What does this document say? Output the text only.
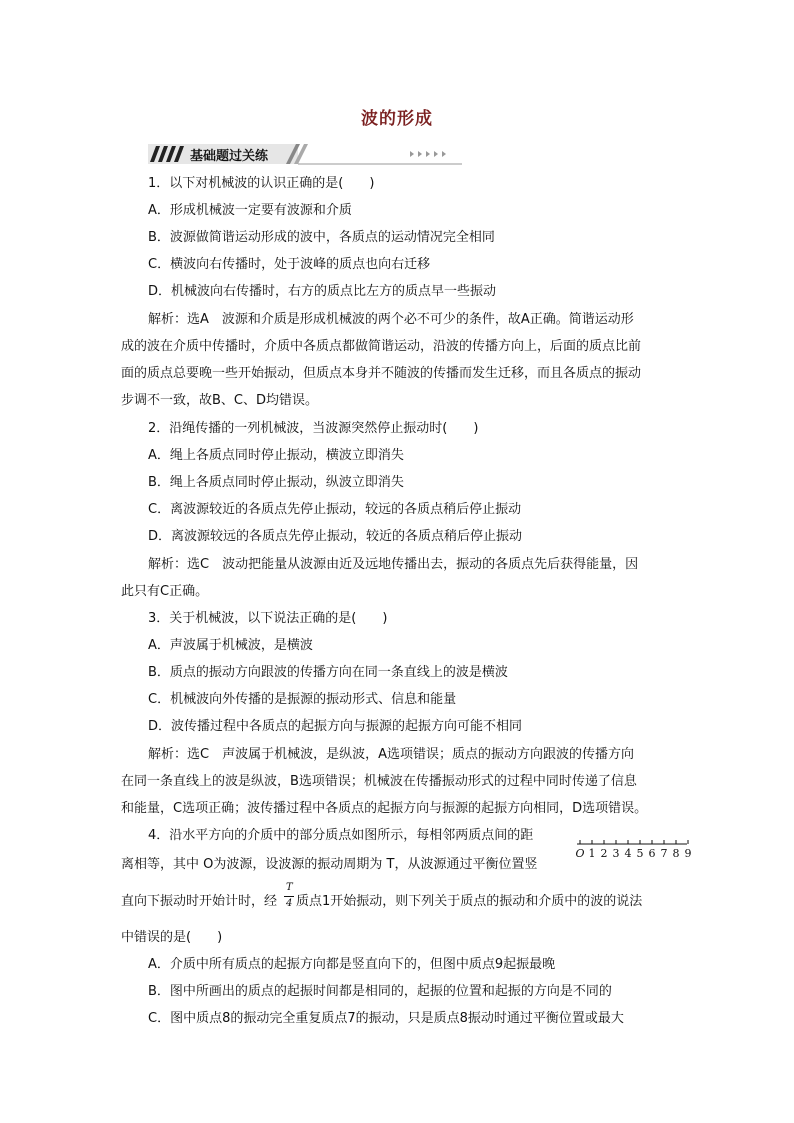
波的形成
基础题过关练
1．以下对机械波的认识正确的是(　　)
A．形成机械波一定要有波源和介质
B．波源做简谐运动形成的波中，各质点的运动情况完全相同
C．横波向右传播时，处于波峰的质点也向右迁移
D．机械波向右传播时，右方的质点比左方的质点早一些振动
解析：选A　波源和介质是形成机械波的两个必不可少的条件，故A正确。简谐运动形
成的波在介质中传播时，介质中各质点都做简谐运动，沿波的传播方向上，后面的质点比前
面的质点总要晚一些开始振动，但质点本身并不随波的传播而发生迁移，而且各质点的振动
步调不一致，故B、C、D均错误。
2．沿绳传播的一列机械波，当波源突然停止振动时(　　)
A．绳上各质点同时停止振动，横波立即消失
B．绳上各质点同时停止振动，纵波立即消失
C．离波源较近的各质点先停止振动，较远的各质点稍后停止振动
D．离波源较远的各质点先停止振动，较近的各质点稍后停止振动
解析：选C　波动把能量从波源由近及远地传播出去，振动的各质点先后获得能量，因
此只有C正确。
3．关于机械波，以下说法正确的是(　　)
A．声波属于机械波，是横波
B．质点的振动方向跟波的传播方向在同一条直线上的波是横波
C．机械波向外传播的是振源的振动形式、信息和能量
D．波传播过程中各质点的起振方向与振源的起振方向可能不相同
解析：选C　声波属于机械波，是纵波，A选项错误；质点的振动方向跟波的传播方向
在同一条直线上的波是纵波，B选项错误；机械波在传播振动形式的过程中同时传递了信息
和能量，C选项正确；波传播过程中各质点的起振方向与振源的起振方向相同，D选项错误。
4．沿水平方向的介质中的部分质点如图所示，每相邻两质点间的距
离相等，其中 O为波源，设波源的振动周期为 T，从波源通过平衡位置竖
直向下振动时开始计时，经
T
4 质点1开始振动，则下列关于质点的振动和介质中的波的说法
中错误的是(　　)
A．介质中所有质点的起振方向都是竖直向下的，但图中质点9起振最晚
B．图中所画出的质点的起振时间都是相同的，起振的位置和起振的方向是不同的
C．图中质点8的振动完全重复质点7的振动，只是质点8振动时通过平衡位置或最大
O 1 2 3 4 5 6 7 8 9
